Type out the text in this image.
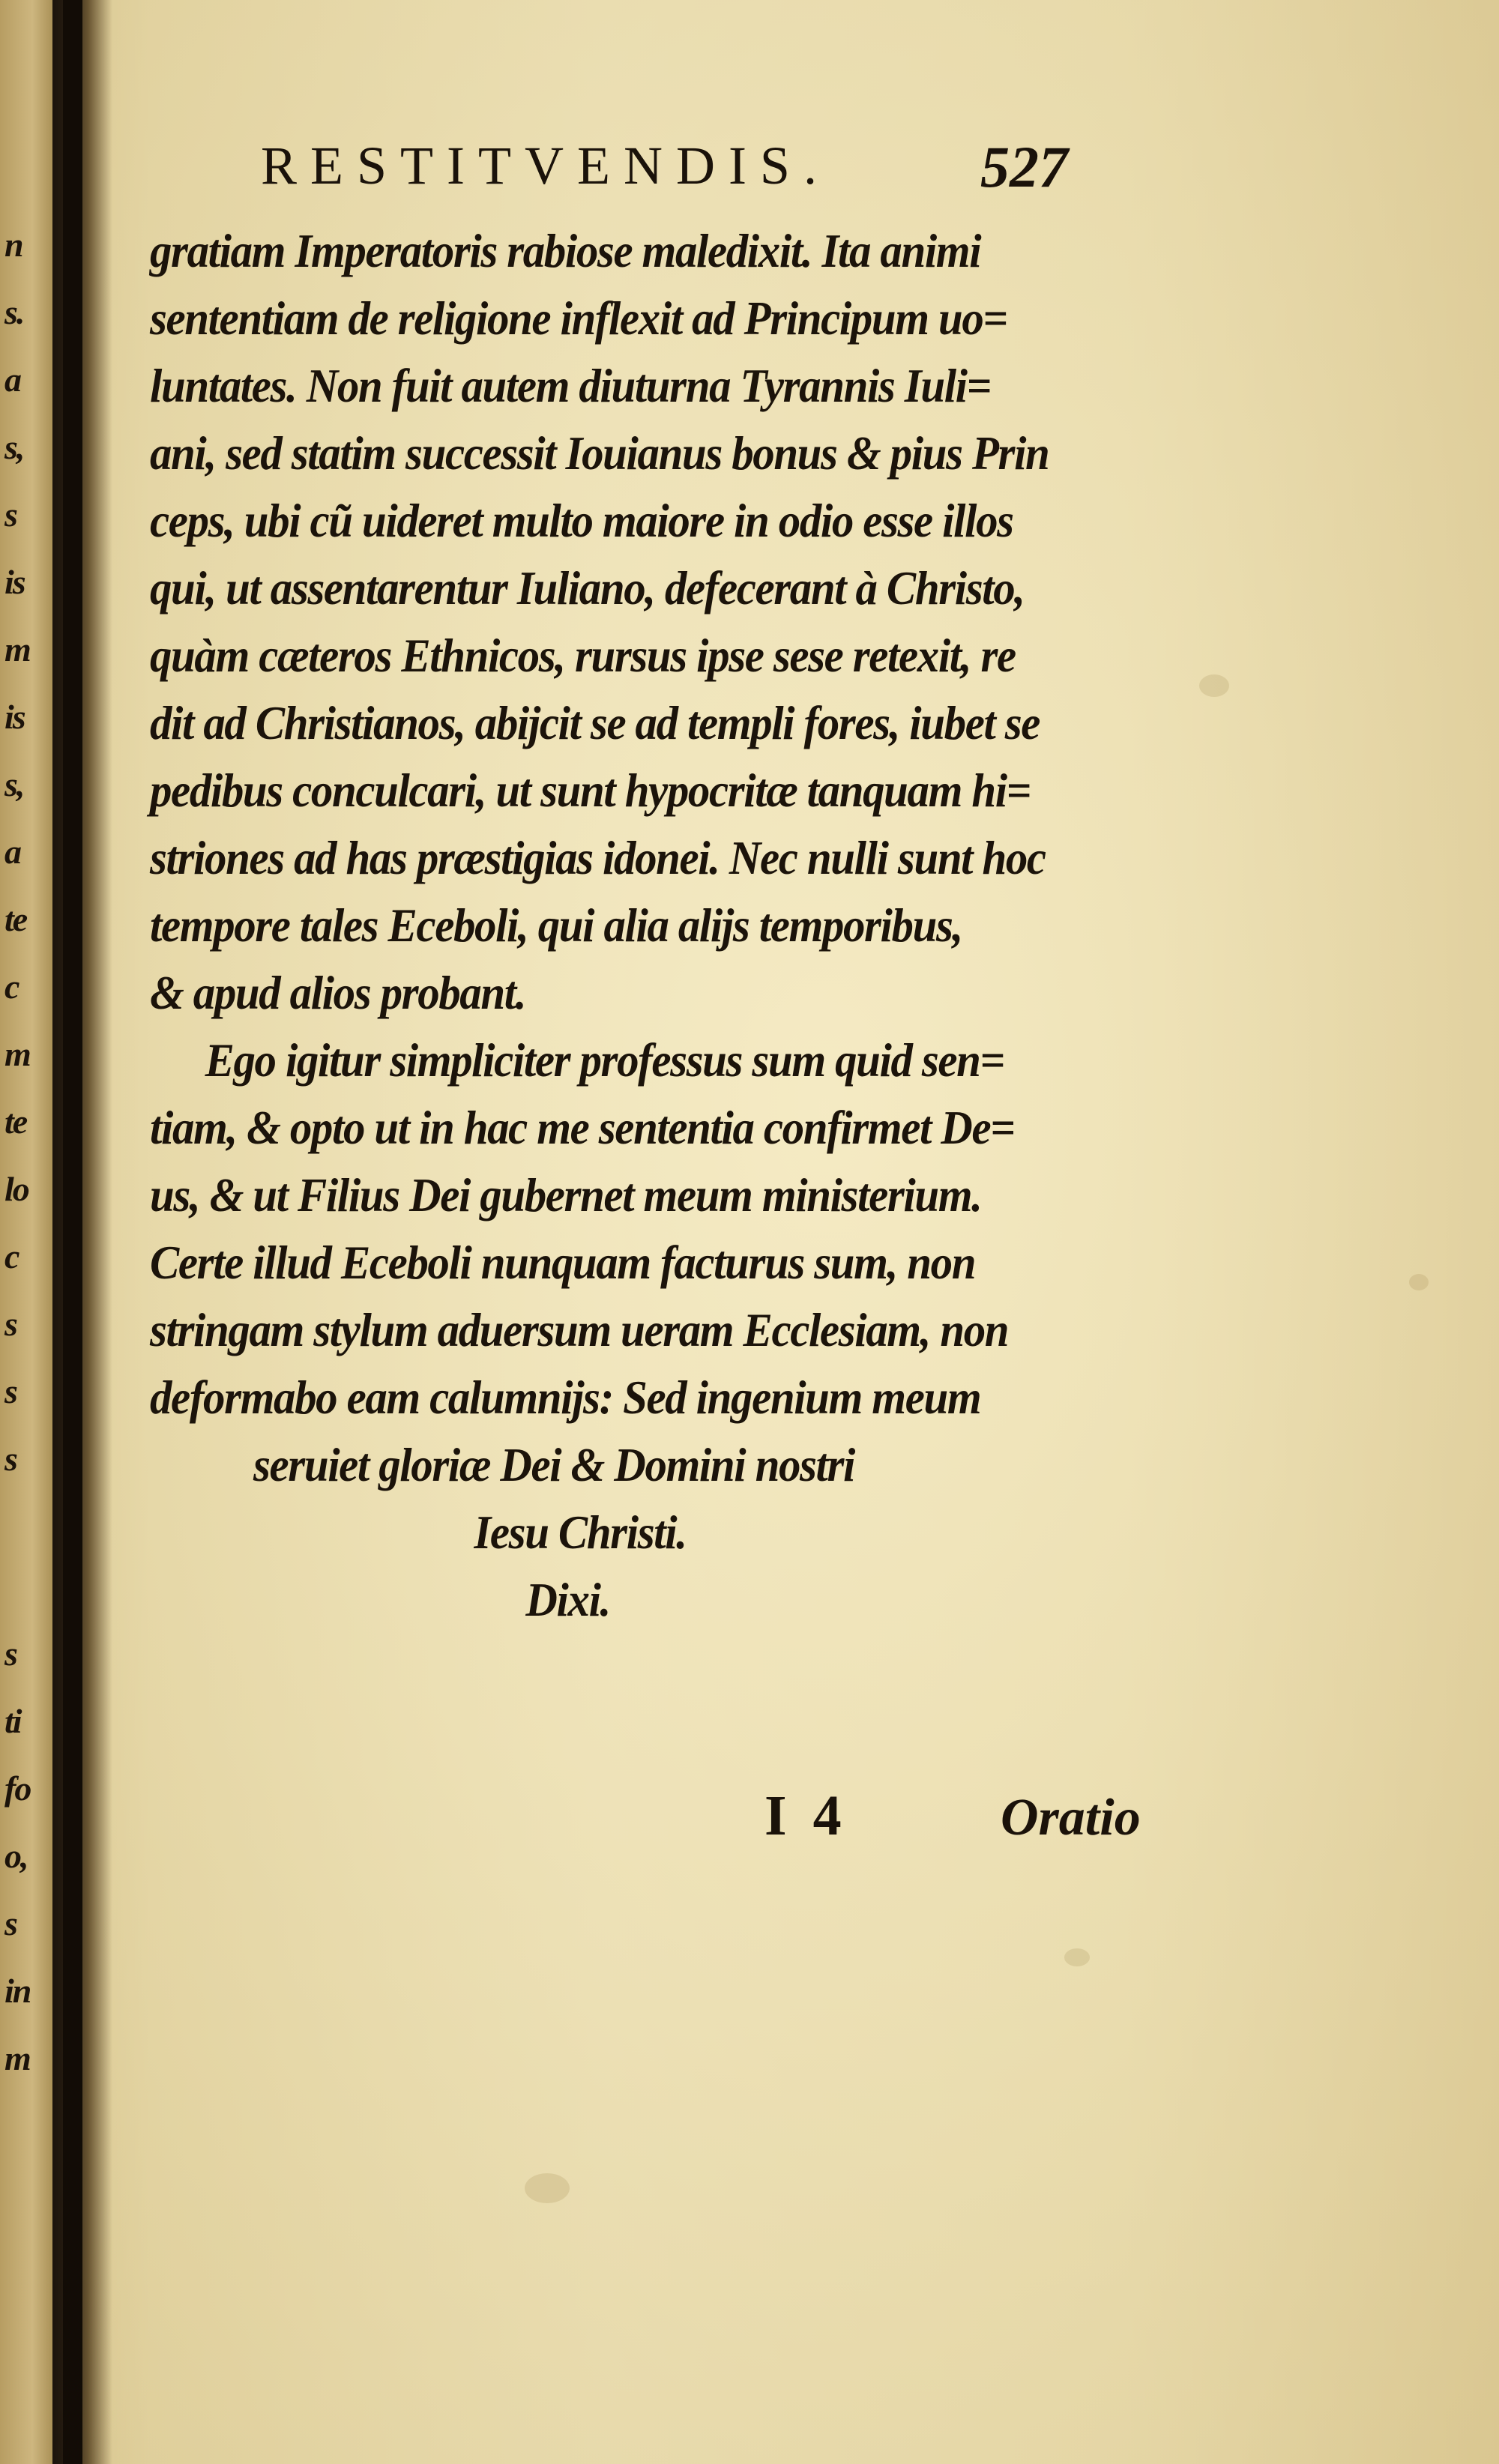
n
s.
a
s,
s
is
m
is
s,
a
te
c
m
te
lo
c
s
s
s
s
ti
fo
o,
s
in
m
RESTITVENDIS.	527
gratiam Imperatoris rabiose maledixit. Ita animi
sententiam de religione inflexit ad Principum uo=
luntates. Non fuit autem diuturna Tyrannis Iuli=
ani, sed statim successit Iouianus bonus & pius Prin
ceps, ubi cũ uideret multo maiore in odio esse illos
qui, ut assentarentur Iuliano, defecerant à Christo,
quàm cæteros Ethnicos, rursus ipse sese retexit, re
dit ad Christianos, abijcit se ad templi fores, iubet se
pedibus conculcari, ut sunt hypocritæ tanquam hi=
striones ad has præstigias idonei. Nec nulli sunt hoc
tempore tales Eceboli, qui alia alijs temporibus,
& apud alios probant.
Ego igitur simpliciter professus sum quid sen=
tiam, & opto ut in hac me sententia confirmet De=
us, & ut Filius Dei gubernet meum ministerium.
Certe illud Eceboli nunquam facturus sum, non
stringam stylum aduersum ueram Ecclesiam, non
deformabo eam calumnijs: Sed ingenium meum
seruiet gloriæ Dei & Domini nostri
Iesu Christi.
Dixi.
I 4	Oratio
